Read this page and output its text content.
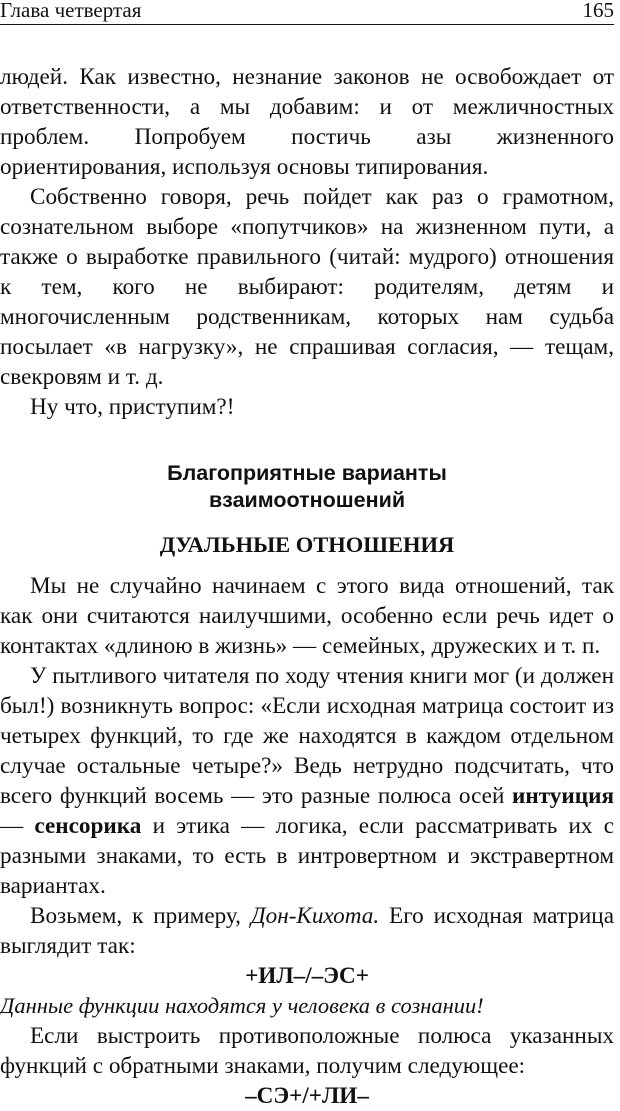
Глава четвертая	165

людей. Как известно, незнание законов не освобождает от ответственности, а мы добавим: и от межличностных проблем. Попробуем постичь азы жизненного ориентирования, используя основы типирования.

Собственно говоря, речь пойдет как раз о грамотном, сознательном выборе «попутчиков» на жизненном пути, а также о выработке правильного (читай: мудрого) отношения к тем, кого не выбирают: родителям, детям и многочисленным родственникам, которых нам судьба посылает «в нагрузку», не спрашивая согласия, — тещам, свекровям и т. д.

Ну что, приступим?!

Благоприятные варианты
взаимоотношений
ДУАЛЬНЫЕ ОТНОШЕНИЯ

Мы не случайно начинаем с этого вида отношений, так как они считаются наилучшими, особенно если речь идет о контактах «длиною в жизнь» — семейных, дружеских и т. п.

У пытливого читателя по ходу чтения книги мог (и должен был!) возникнуть вопрос: «Если исходная матрица состоит из четырех функций, то где же находятся в каждом отдельном случае остальные четыре?» Ведь нетрудно подсчитать, что всего функций восемь — это разные полюса осей интуиция — сенсорика и этика — логика, если рассматривать их с разными знаками, то есть в интровертном и экстравертном вариантах.

Возьмем, к примеру, Дон-Кихота. Его исходная матрица выглядит так:

+ИЛ–/–ЭС+

Данные функции находятся у человека в сознании!

Если выстроить противоположные полюса указанных функций с обратными знаками, получим следующее:

–СЭ+/+ЛИ–
